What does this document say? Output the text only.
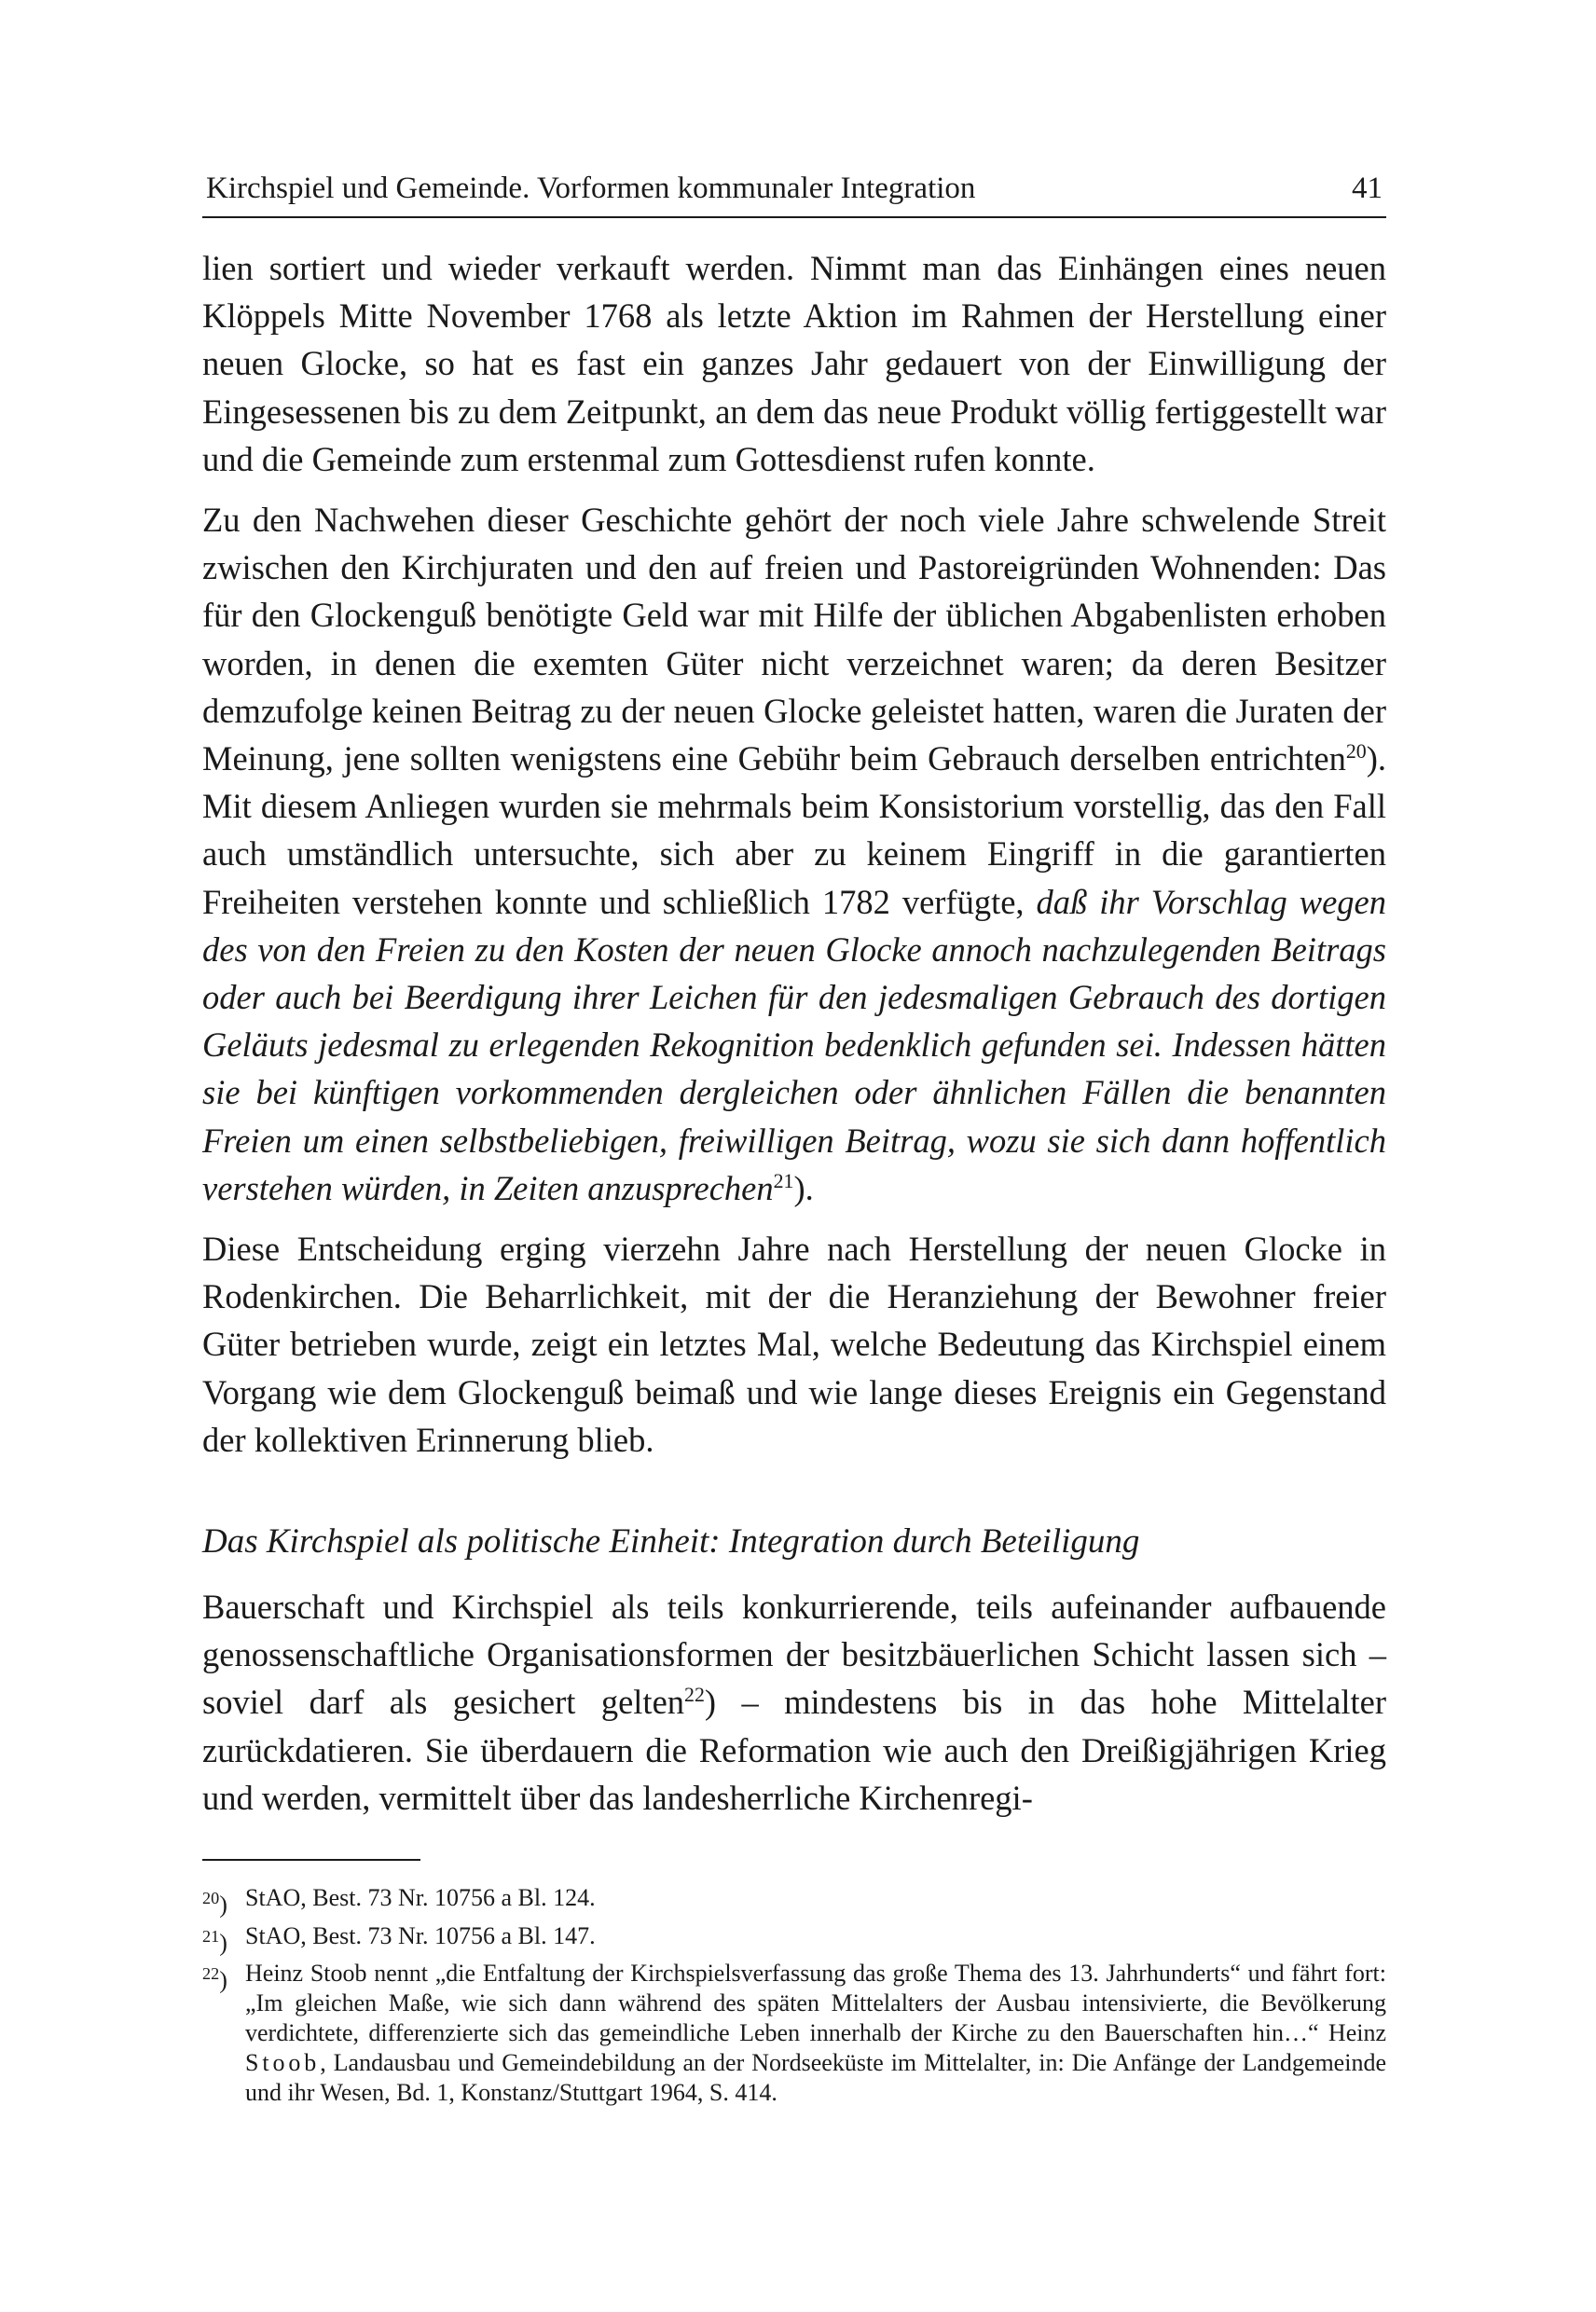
Kirchspiel und Gemeinde. Vorformen kommunaler Integration	41

lien sortiert und wieder verkauft werden. Nimmt man das Einhängen eines neuen Klöppels Mitte November 1768 als letzte Aktion im Rahmen der Herstellung einer neuen Glocke, so hat es fast ein ganzes Jahr gedauert von der Einwilligung der Eingesessenen bis zu dem Zeitpunkt, an dem das neue Produkt völlig fertiggestellt war und die Gemeinde zum erstenmal zum Gottesdienst rufen konnte.

Zu den Nachwehen dieser Geschichte gehört der noch viele Jahre schwelende Streit zwischen den Kirchjuraten und den auf freien und Pastoreigründen Wohnenden: Das für den Glockenguß benötigte Geld war mit Hilfe der üblichen Abgabenlisten erhoben worden, in denen die exemten Güter nicht verzeichnet waren; da deren Besitzer demzufolge keinen Beitrag zu der neuen Glocke geleistet hatten, waren die Juraten der Meinung, jene sollten wenigstens eine Gebühr beim Gebrauch derselben entrichten$^{20}$). Mit diesem Anliegen wurden sie mehrmals beim Konsistorium vorstellig, das den Fall auch umständlich untersuchte, sich aber zu keinem Eingriff in die garantierten Freiheiten verstehen konnte und schließlich 1782 verfügte, daß ihr Vorschlag wegen des von den Freien zu den Kosten der neuen Glocke annoch nachzulegenden Beitrags oder auch bei Beerdigung ihrer Leichen für den jedesmaligen Gebrauch des dortigen Geläuts jedesmal zu erlegenden Rekognition bedenklich gefunden sei. Indessen hätten sie bei künftigen vorkommenden dergleichen oder ähnlichen Fällen die benannten Freien um einen selbstbeliebigen, freiwilligen Beitrag, wozu sie sich dann hoffentlich verstehen würden, in Zeiten anzusprechen$^{21}$).

Diese Entscheidung erging vierzehn Jahre nach Herstellung der neuen Glocke in Rodenkirchen. Die Beharrlichkeit, mit der die Heranziehung der Bewohner freier Güter betrieben wurde, zeigt ein letztes Mal, welche Bedeutung das Kirchspiel einem Vorgang wie dem Glockenguß beimaß und wie lange dieses Ereignis ein Gegenstand der kollektiven Erinnerung blieb.

Das Kirchspiel als politische Einheit: Integration durch Beteiligung

Bauerschaft und Kirchspiel als teils konkurrierende, teils aufeinander aufbauende genossenschaftliche Organisationsformen der besitzbäuerlichen Schicht lassen sich – soviel darf als gesichert gelten$^{22}$) – mindestens bis in das hohe Mittelalter zurückdatieren. Sie überdauern die Reformation wie auch den Dreißigjährigen Krieg und werden, vermittelt über das landesherrliche Kirchenregi-

$^{20}$) StAO, Best. 73 Nr. 10756 a Bl. 124.
$^{21}$) StAO, Best. 73 Nr. 10756 a Bl. 147.
$^{22}$) Heinz Stoob nennt „die Entfaltung der Kirchspielsverfassung das große Thema des 13. Jahrhunderts“ und fährt fort: „Im gleichen Maße, wie sich dann während des späten Mittelalters der Ausbau intensivierte, die Bevölkerung verdichtete, differenzierte sich das gemeindliche Leben innerhalb der Kirche zu den Bauerschaften hin…“ Heinz Stoob, Landausbau und Gemeindebildung an der Nordseeküste im Mittelalter, in: Die Anfänge der Landgemeinde und ihr Wesen, Bd. 1, Konstanz/Stuttgart 1964, S. 414.
